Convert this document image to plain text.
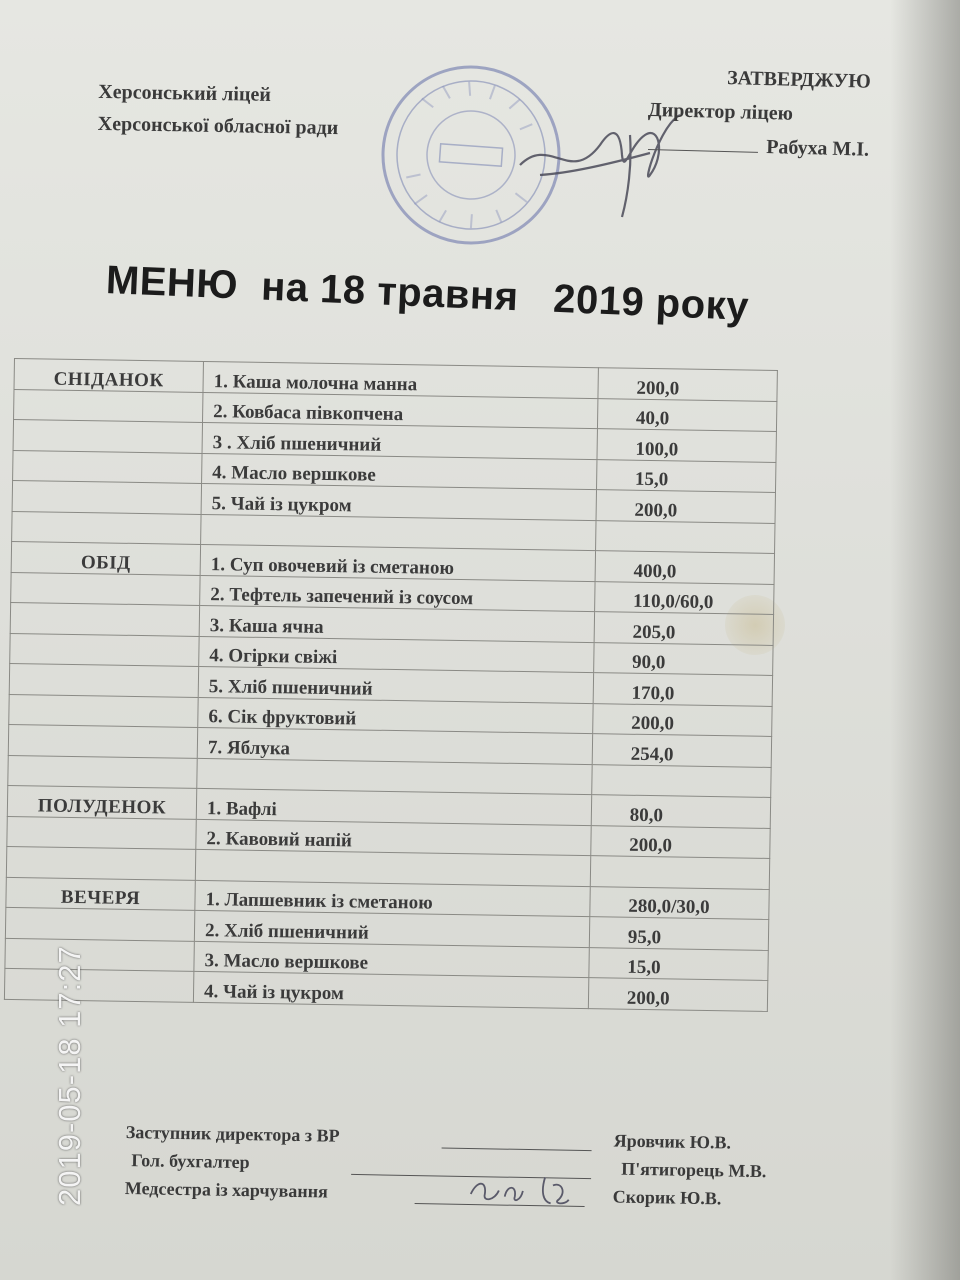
Херсонський ліцей
Херсонської обласної ради
ЗАТВЕРДЖУЮ
Директор ліцею
Рабуха М.І.
МЕНЮ  на 18 травня   2019 року
СНІДАНОК	1. Каша молочна манна	200,0
	2. Ковбаса півкопчена	40,0
	3 . Хліб пшеничний	100,0
	4. Масло вершкове	15,0
	5. Чай із цукром	200,0

ОБІД	1. Суп овочевий із сметаною	400,0
	2. Тефтель запечений із соусом	110,0/60,0
	3. Каша ячна	205,0
	4. Огірки свіжі	90,0
	5. Хліб пшеничний	170,0
	6. Сік фруктовий	200,0
	7. Яблука	254,0

ПОЛУДЕНОК	1. Вафлі	80,0
	2. Кавовий напій	200,0

ВЕЧЕРЯ	1. Лапшевник із сметаною	280,0/30,0
	2. Хліб пшеничний	95,0
	3. Масло вершкове	15,0
	4. Чай із цукром	200,0
Заступник директора з ВР	Яровчик Ю.В.
Гол. бухгалтер	П'ятигорець М.В.
Медсестра із харчування	Скорик Ю.В.
2019-05-18 17:27
